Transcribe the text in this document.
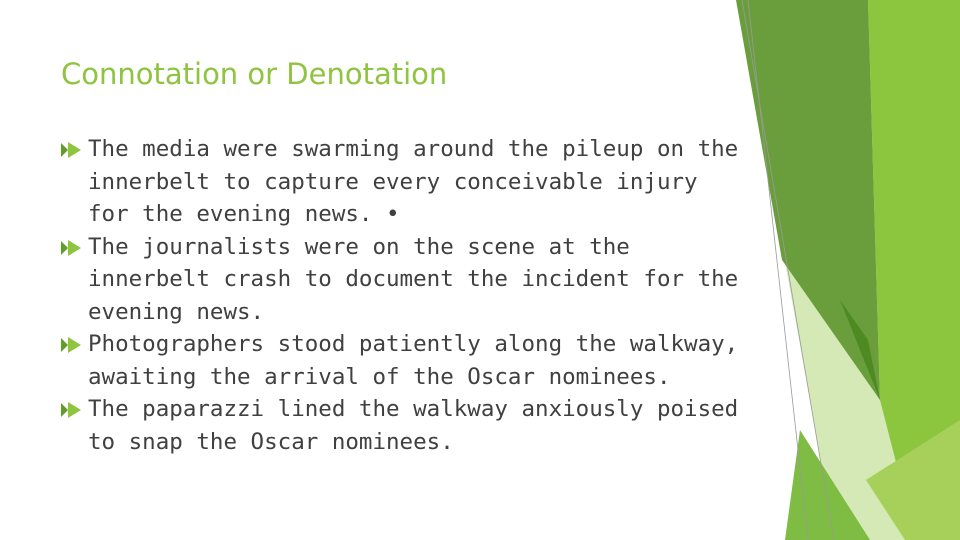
Connotation or Denotation
The media were swarming around the pileup on the innerbelt to capture every conceivable injury for the evening news. •
The journalists were on the scene at the innerbelt crash to document the incident for the evening news.
Photographers stood patiently along the walkway, awaiting the arrival of the Oscar nominees.
The paparazzi lined the walkway anxiously poised to snap the Oscar nominees.
